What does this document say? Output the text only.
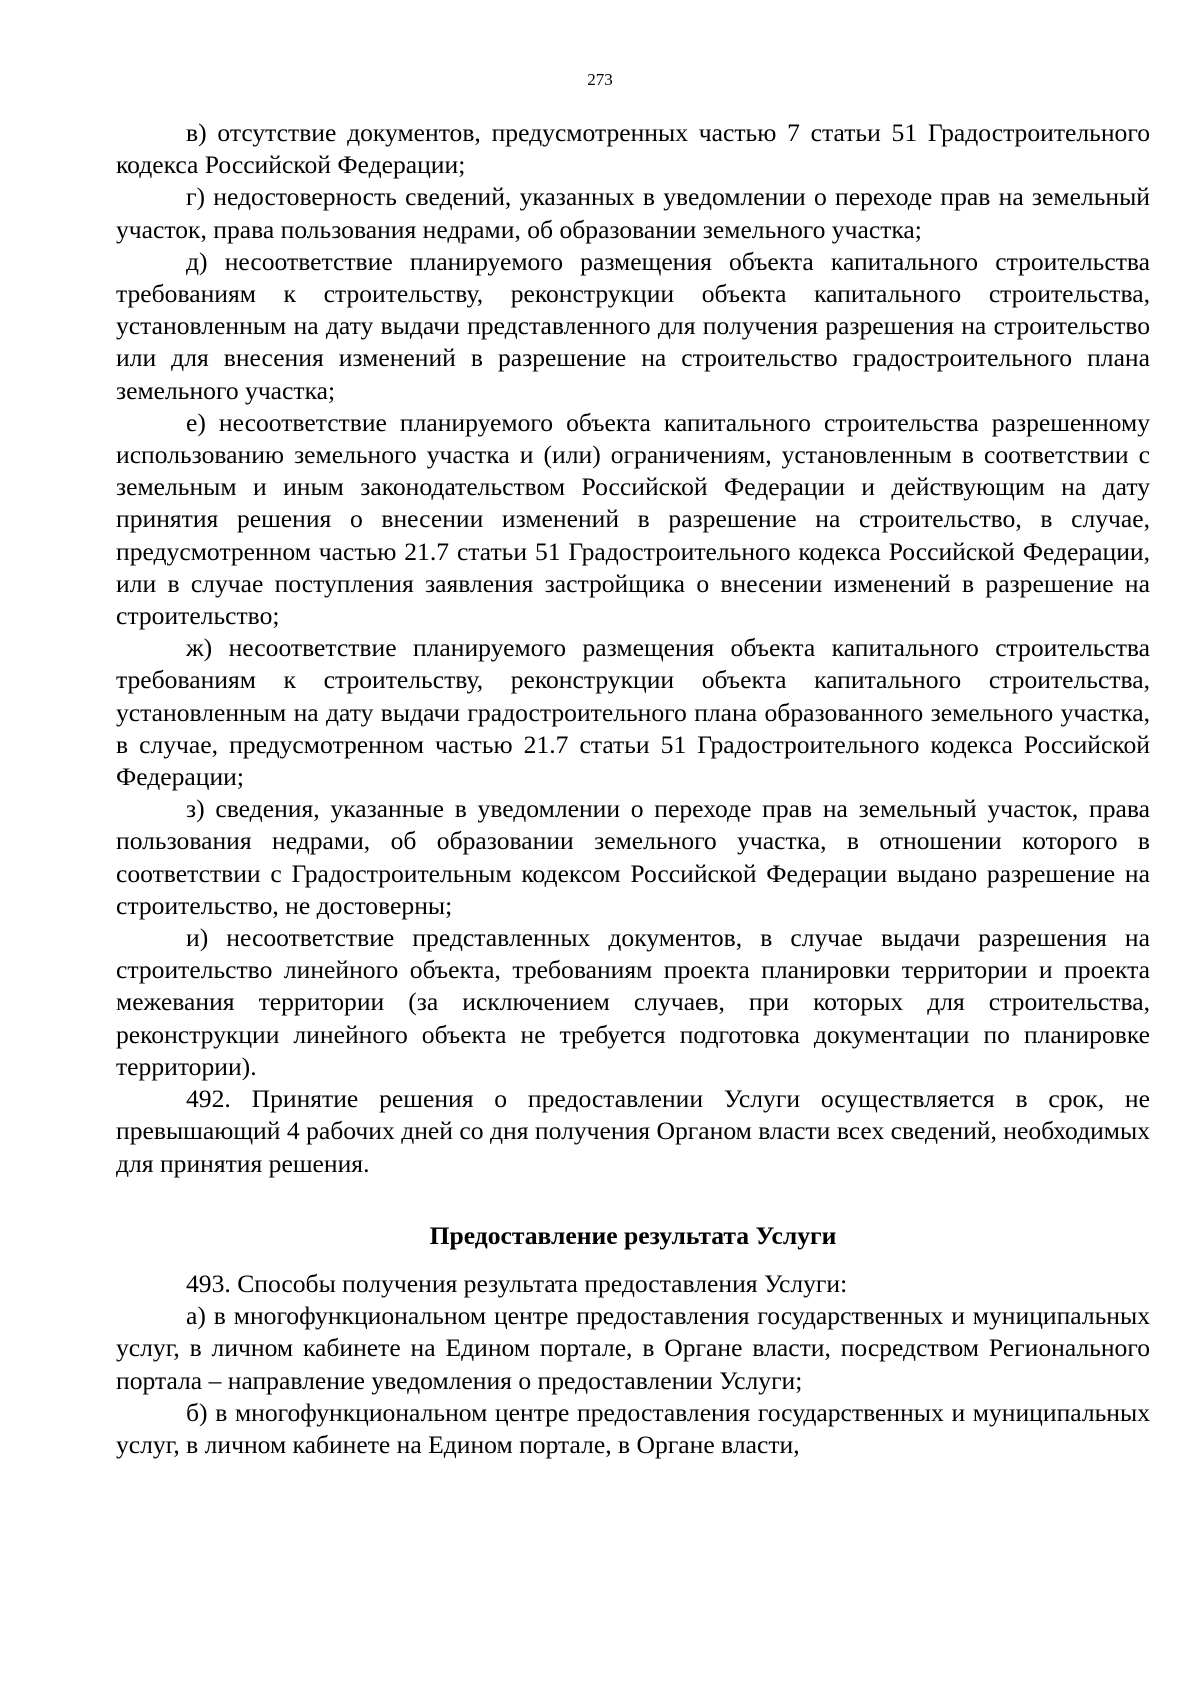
273

в) отсутствие документов, предусмотренных частью 7 статьи 51 Градостроительного кодекса Российской Федерации;

г) недостоверность сведений, указанных в уведомлении о переходе прав на земельный участок, права пользования недрами, об образовании земельного участка;

д) несоответствие планируемого размещения объекта капитального строительства требованиям к строительству, реконструкции объекта капитального строительства, установленным на дату выдачи представленного для получения разрешения на строительство или для внесения изменений в разрешение на строительство градостроительного плана земельного участка;

е) несоответствие планируемого объекта капитального строительства разрешенному использованию земельного участка и (или) ограничениям, установленным в соответствии с земельным и иным законодательством Российской Федерации и действующим на дату принятия решения о внесении изменений в разрешение на строительство, в случае, предусмотренном частью 21.7 статьи 51 Градостроительного кодекса Российской Федерации, или в случае поступления заявления застройщика о внесении изменений в разрешение на строительство;

ж) несоответствие планируемого размещения объекта капитального строительства требованиям к строительству, реконструкции объекта капитального строительства, установленным на дату выдачи градостроительного плана образованного земельного участка, в случае, предусмотренном частью 21.7 статьи 51 Градостроительного кодекса Российской Федерации;

з) сведения, указанные в уведомлении о переходе прав на земельный участок, права пользования недрами, об образовании земельного участка, в отношении которого в соответствии с Градостроительным кодексом Российской Федерации выдано разрешение на строительство, не достоверны;

и) несоответствие представленных документов, в случае выдачи разрешения на строительство линейного объекта, требованиям проекта планировки территории и проекта межевания территории (за исключением случаев, при которых для строительства, реконструкции линейного объекта не требуется подготовка документации по планировке территории).

492. Принятие решения о предоставлении Услуги осуществляется в срок, не превышающий 4 рабочих дней со дня получения Органом власти всех сведений, необходимых для принятия решения.

Предоставление результата Услуги

493. Способы получения результата предоставления Услуги:

а) в многофункциональном центре предоставления государственных и муниципальных услуг, в личном кабинете на Едином портале, в Органе власти, посредством Регионального портала – направление уведомления о предоставлении Услуги;

б) в многофункциональном центре предоставления государственных и муниципальных услуг, в личном кабинете на Едином портале, в Органе власти,
